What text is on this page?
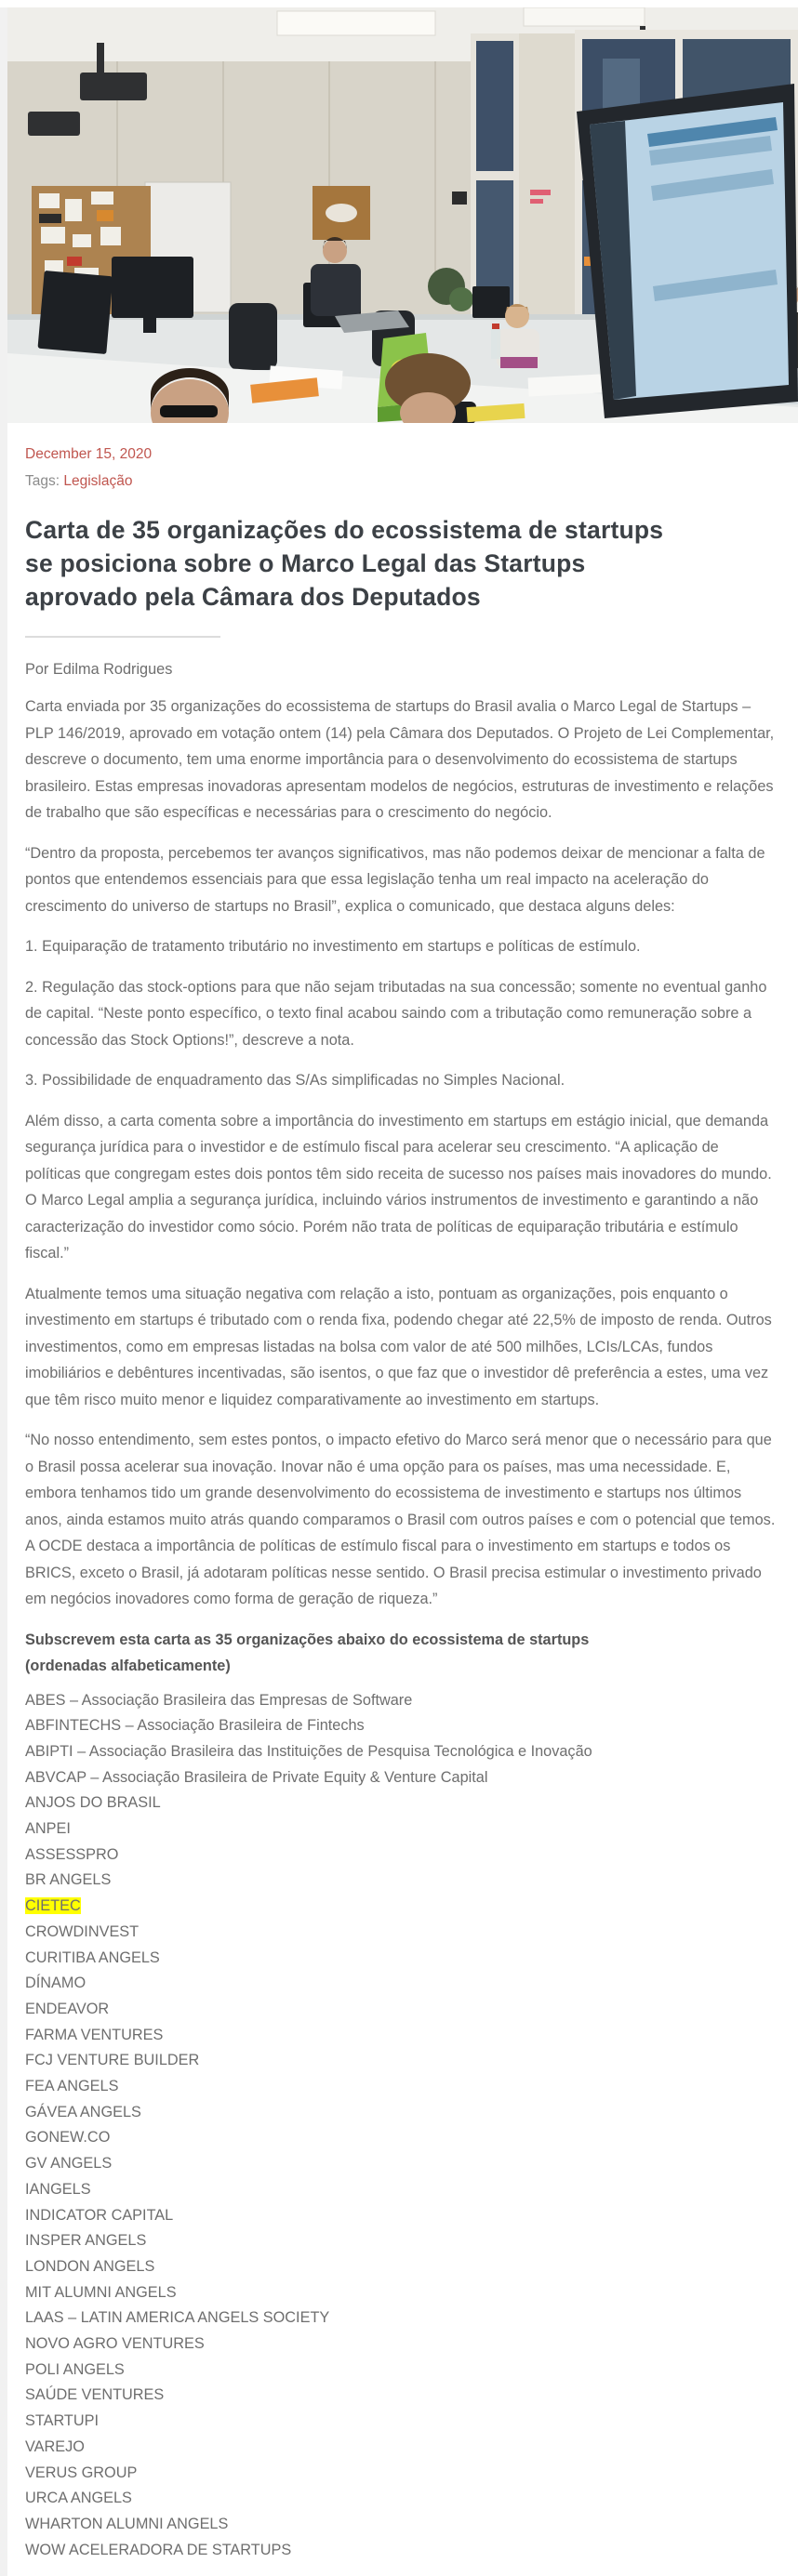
December 15, 2020
Tags: Legislação
Carta de 35 organizações do ecossistema de startups
se posiciona sobre o Marco Legal das Startups
aprovado pela Câmara dos Deputados

Por Edilma Rodrigues

Carta enviada por 35 organizações do ecossistema de startups do Brasil avalia o Marco Legal de Startups – PLP 146/2019, aprovado em votação ontem (14) pela Câmara dos Deputados. O Projeto de Lei Complementar, descreve o documento, tem uma enorme importância para o desenvolvimento do ecossistema de startups brasileiro. Estas empresas inovadoras apresentam modelos de negócios, estruturas de investimento e relações de trabalho que são específicas e necessárias para o crescimento do negócio.

“Dentro da proposta, percebemos ter avanços significativos, mas não podemos deixar de mencionar a falta de pontos que entendemos essenciais para que essa legislação tenha um real impacto na aceleração do crescimento do universo de startups no Brasil”, explica o comunicado, que destaca alguns deles:

1. Equiparação de tratamento tributário no investimento em startups e políticas de estímulo.

2. Regulação das stock-options para que não sejam tributadas na sua concessão; somente no eventual ganho de capital. “Neste ponto específico, o texto final acabou saindo com a tributação como remuneração sobre a concessão das Stock Options!”, descreve a nota.

3. Possibilidade de enquadramento das S/As simplificadas no Simples Nacional.

Além disso, a carta comenta sobre a importância do investimento em startups em estágio inicial, que demanda segurança jurídica para o investidor e de estímulo fiscal para acelerar seu crescimento. “A aplicação de políticas que congregam estes dois pontos têm sido receita de sucesso nos países mais inovadores do mundo. O Marco Legal amplia a segurança jurídica, incluindo vários instrumentos de investimento e garantindo a não caracterização do investidor como sócio. Porém não trata de políticas de equiparação tributária e estímulo fiscal.”

Atualmente temos uma situação negativa com relação a isto, pontuam as organizações, pois enquanto o investimento em startups é tributado com o renda fixa, podendo chegar até 22,5% de imposto de renda. Outros investimentos, como em empresas listadas na bolsa com valor de até 500 milhões, LCIs/LCAs, fundos imobiliários e debêntures incentivadas, são isentos, o que faz que o investidor dê preferência a estes, uma vez que têm risco muito menor e liquidez comparativamente ao investimento em startups.

“No nosso entendimento, sem estes pontos, o impacto efetivo do Marco será menor que o necessário para que o Brasil possa acelerar sua inovação. Inovar não é uma opção para os países, mas uma necessidade. E, embora tenhamos tido um grande desenvolvimento do ecossistema de investimento e startups nos últimos anos, ainda estamos muito atrás quando comparamos o Brasil com outros países e com o potencial que temos. A OCDE destaca a importância de políticas de estímulo fiscal para o investimento em startups e todos os BRICS, exceto o Brasil, já adotaram políticas nesse sentido. O Brasil precisa estimular o investimento privado em negócios inovadores como forma de geração de riqueza.”

Subscrevem esta carta as 35 organizações abaixo do ecossistema de startups
(ordenadas alfabeticamente)

ABES – Associação Brasileira das Empresas de Software
ABFINTECHS – Associação Brasileira de Fintechs
ABIPTI – Associação Brasileira das Instituições de Pesquisa Tecnológica e Inovação
ABVCAP – Associação Brasileira de Private Equity & Venture Capital
ANJOS DO BRASIL
ANPEI
ASSESSPRO
BR ANGELS
CIETEC
CROWDINVEST
CURITIBA ANGELS
DÍNAMO
ENDEAVOR
FARMA VENTURES
FCJ VENTURE BUILDER
FEA ANGELS
GÁVEA ANGELS
GONEW.CO
GV ANGELS
IANGELS
INDICATOR CAPITAL
INSPER ANGELS
LONDON ANGELS
MIT ALUMNI ANGELS
LAAS – LATIN AMERICA ANGELS SOCIETY
NOVO AGRO VENTURES
POLI ANGELS
SAÚDE VENTURES
STARTUPI
VAREJO
VERUS GROUP
URCA ANGELS
WHARTON ALUMNI ANGELS
WOW ACELERADORA DE STARTUPS
